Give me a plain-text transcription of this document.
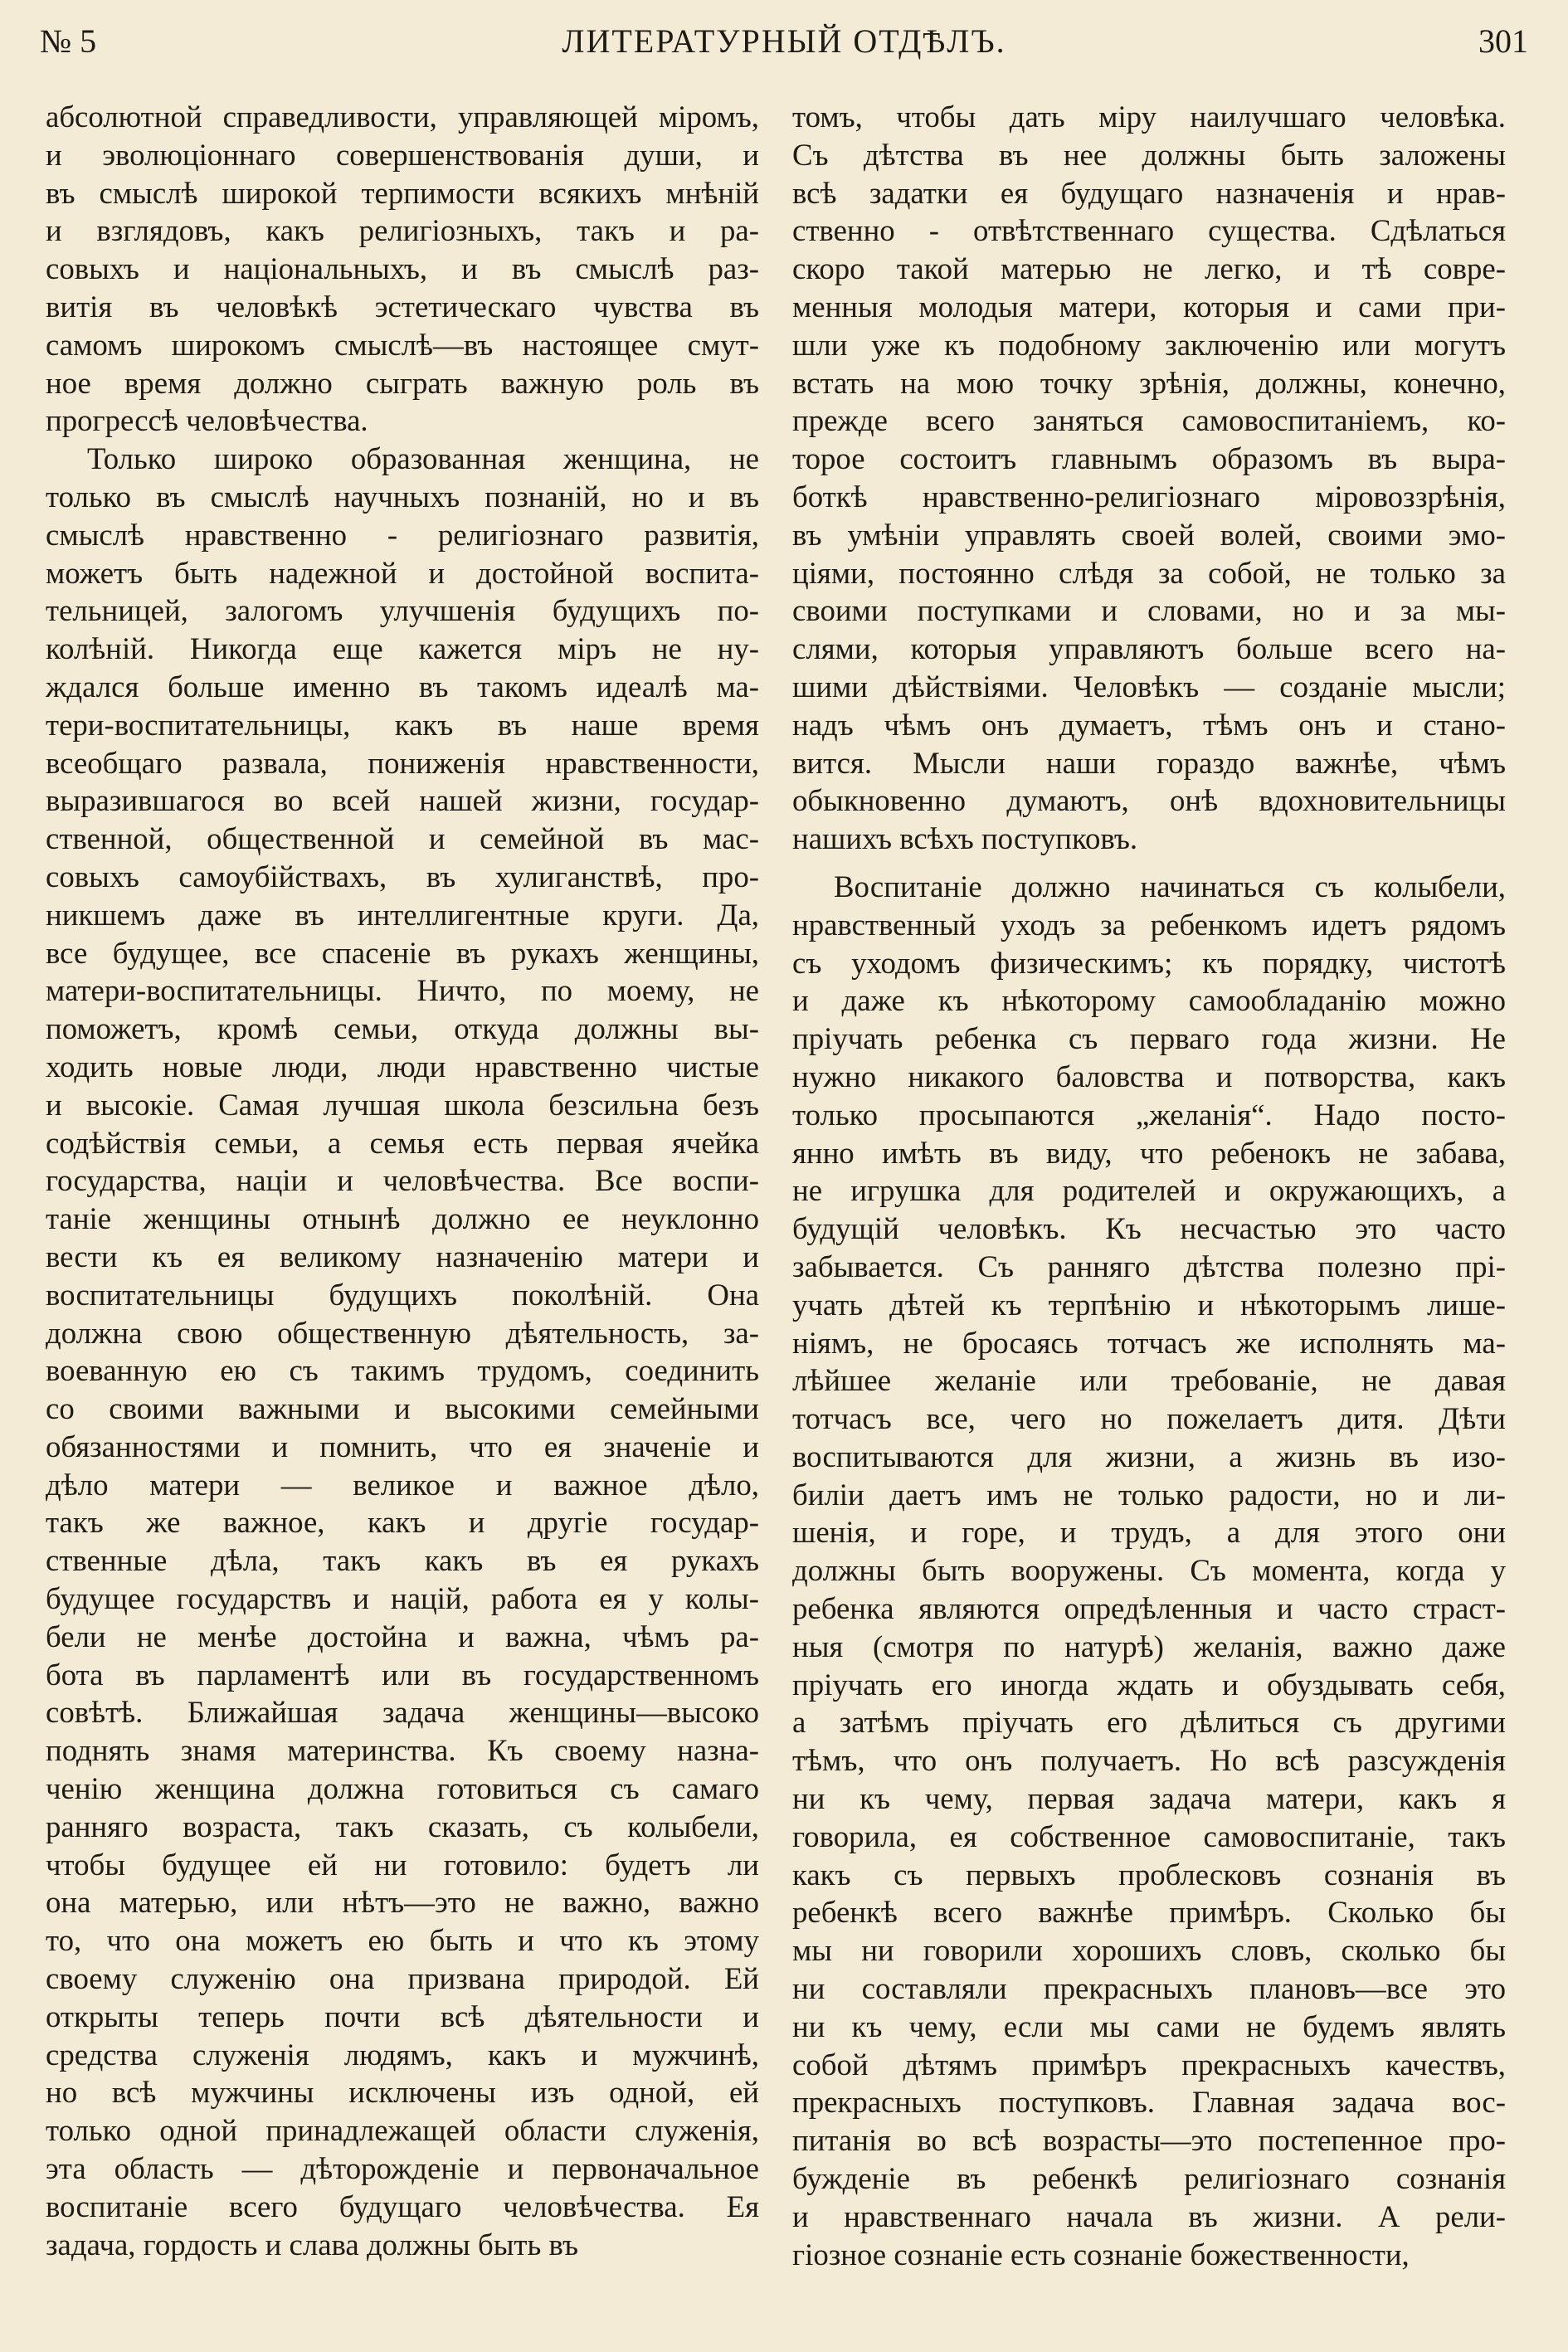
№ 5	ЛИТЕРАТУРНЫЙ ОТДѢЛЪ.	301
абсолютной справедливости, управляющей міромъ,
и эволюціоннаго совершенствованія души, и
въ смыслѣ широкой терпимости всякихъ мнѣній
и взглядовъ, какъ религіозныхъ, такъ и ра-
совыхъ и національныхъ, и въ смыслѣ раз-
витія въ человѣкѣ эстетическаго чувства въ
самомъ широкомъ смыслѣ—въ настоящее смут-
ное время должно сыграть важную роль въ
прогрессѣ человѣчества.
Только широко образованная женщина, не
только въ смыслѣ научныхъ познаній, но и въ
смыслѣ нравственно - религіознаго развитія,
можетъ быть надежной и достойной воспита-
тельницей, залогомъ улучшенія будущихъ по-
колѣній. Никогда еще кажется міръ не ну-
ждался больше именно въ такомъ идеалѣ ма-
тери-воспитательницы, какъ въ наше время
всеобщаго развала, пониженія нравственности,
выразившагося во всей нашей жизни, государ-
ственной, общественной и семейной въ мас-
совыхъ самоубійствахъ, въ хулиганствѣ, про-
никшемъ даже въ интеллигентные круги. Да,
все будущее, все спасеніе въ рукахъ женщины,
матери-воспитательницы. Ничто, по моему, не
поможетъ, кромѣ семьи, откуда должны вы-
ходить новые люди, люди нравственно чистые
и высокіе. Самая лучшая школа безсильна безъ
содѣйствія семьи, а семья есть первая ячейка
государства, націи и человѣчества. Все воспи-
таніе женщины отнынѣ должно ее неуклонно
вести къ ея великому назначенію матери и
воспитательницы будущихъ поколѣній. Она
должна свою общественную дѣятельность, за-
воеванную ею съ такимъ трудомъ, соединить
со своими важными и высокими семейными
обязанностями и помнить, что ея значеніе и
дѣло матери — великое и важное дѣло,
такъ же важное, какъ и другіе государ-
ственные дѣла, такъ какъ въ ея рукахъ
будущее государствъ и націй, работа ея у колы-
бели не менѣе достойна и важна, чѣмъ ра-
бота въ парламентѣ или въ государственномъ
совѣтѣ. Ближайшая задача женщины—высоко
поднять знамя материнства. Къ своему назна-
ченію женщина должна готовиться съ самаго
ранняго возраста, такъ сказать, съ колыбели,
чтобы будущее ей ни готовило: будетъ ли
она матерью, или нѣтъ—это не важно, важно
то, что она можетъ ею быть и что къ этому
своему служенію она призвана природой. Ей
открыты теперь почти всѣ дѣятельности и
средства служенія людямъ, какъ и мужчинѣ,
но всѣ мужчины исключены изъ одной, ей
только одной принадлежащей области служенія,
эта область — дѣторожденіе и первоначальное
воспитаніе всего будущаго человѣчества. Ея
задача, гордость и слава должны быть въ
томъ, чтобы дать міру наилучшаго человѣка.
Съ дѣтства въ нее должны быть заложены
всѣ задатки ея будущаго назначенія и нрав-
ственно - отвѣтственнаго существа. Сдѣлаться
скоро такой матерью не легко, и тѣ совре-
менныя молодыя матери, которыя и сами при-
шли уже къ подобному заключенію или могутъ
встать на мою точку зрѣнія, должны, конечно,
прежде всего заняться самовоспитаніемъ, ко-
торое состоитъ главнымъ образомъ въ выра-
боткѣ нравственно-религіознаго міровоззрѣнія,
въ умѣніи управлять своей волей, своими эмо-
ціями, постоянно слѣдя за собой, не только за
своими поступками и словами, но и за мы-
слями, которыя управляютъ больше всего на-
шими дѣйствіями. Человѣкъ — созданіе мысли;
надъ чѣмъ онъ думаетъ, тѣмъ онъ и стано-
вится. Мысли наши гораздо важнѣе, чѣмъ
обыкновенно думаютъ, онѣ вдохновительницы
нашихъ всѣхъ поступковъ.
Воспитаніе должно начинаться съ колыбели,
нравственный уходъ за ребенкомъ идетъ рядомъ
съ уходомъ физическимъ; къ порядку, чистотѣ
и даже къ нѣкоторому самообладанію можно
пріучать ребенка съ перваго года жизни. Не
нужно никакого баловства и потворства, какъ
только просыпаются „желанія“. Надо посто-
янно имѣть въ виду, что ребенокъ не забава,
не игрушка для родителей и окружающихъ, а
будущій человѣкъ. Къ несчастью это часто
забывается. Съ ранняго дѣтства полезно прі-
учать дѣтей къ терпѣнію и нѣкоторымъ лише-
ніямъ, не бросаясь тотчасъ же исполнять ма-
лѣйшее желаніе или требованіе, не давая
тотчасъ все, чего но пожелаетъ дитя. Дѣти
воспитываются для жизни, а жизнь въ изо-
биліи даетъ имъ не только радости, но и ли-
шенія, и горе, и трудъ, а для этого они
должны быть вооружены. Съ момента, когда у
ребенка являются опредѣленныя и часто страст-
ныя (смотря по натурѣ) желанія, важно даже
пріучать его иногда ждать и обуздывать себя,
а затѣмъ пріучать его дѣлиться съ другими
тѣмъ, что онъ получаетъ. Но всѣ разсужденія
ни къ чему, первая задача матери, какъ я
говорила, ея собственное самовоспитаніе, такъ
какъ съ первыхъ проблесковъ сознанія въ
ребенкѣ всего важнѣе примѣръ. Сколько бы
мы ни говорили хорошихъ словъ, сколько бы
ни составляли прекрасныхъ плановъ—все это
ни къ чему, если мы сами не будемъ являть
собой дѣтямъ примѣръ прекрасныхъ качествъ,
прекрасныхъ поступковъ. Главная задача вос-
питанія во всѣ возрасты—это постепенное про-
бужденіе въ ребенкѣ религіознаго сознанія
и нравственнаго начала въ жизни. А рели-
гіозное сознаніе есть сознаніе божественности,
